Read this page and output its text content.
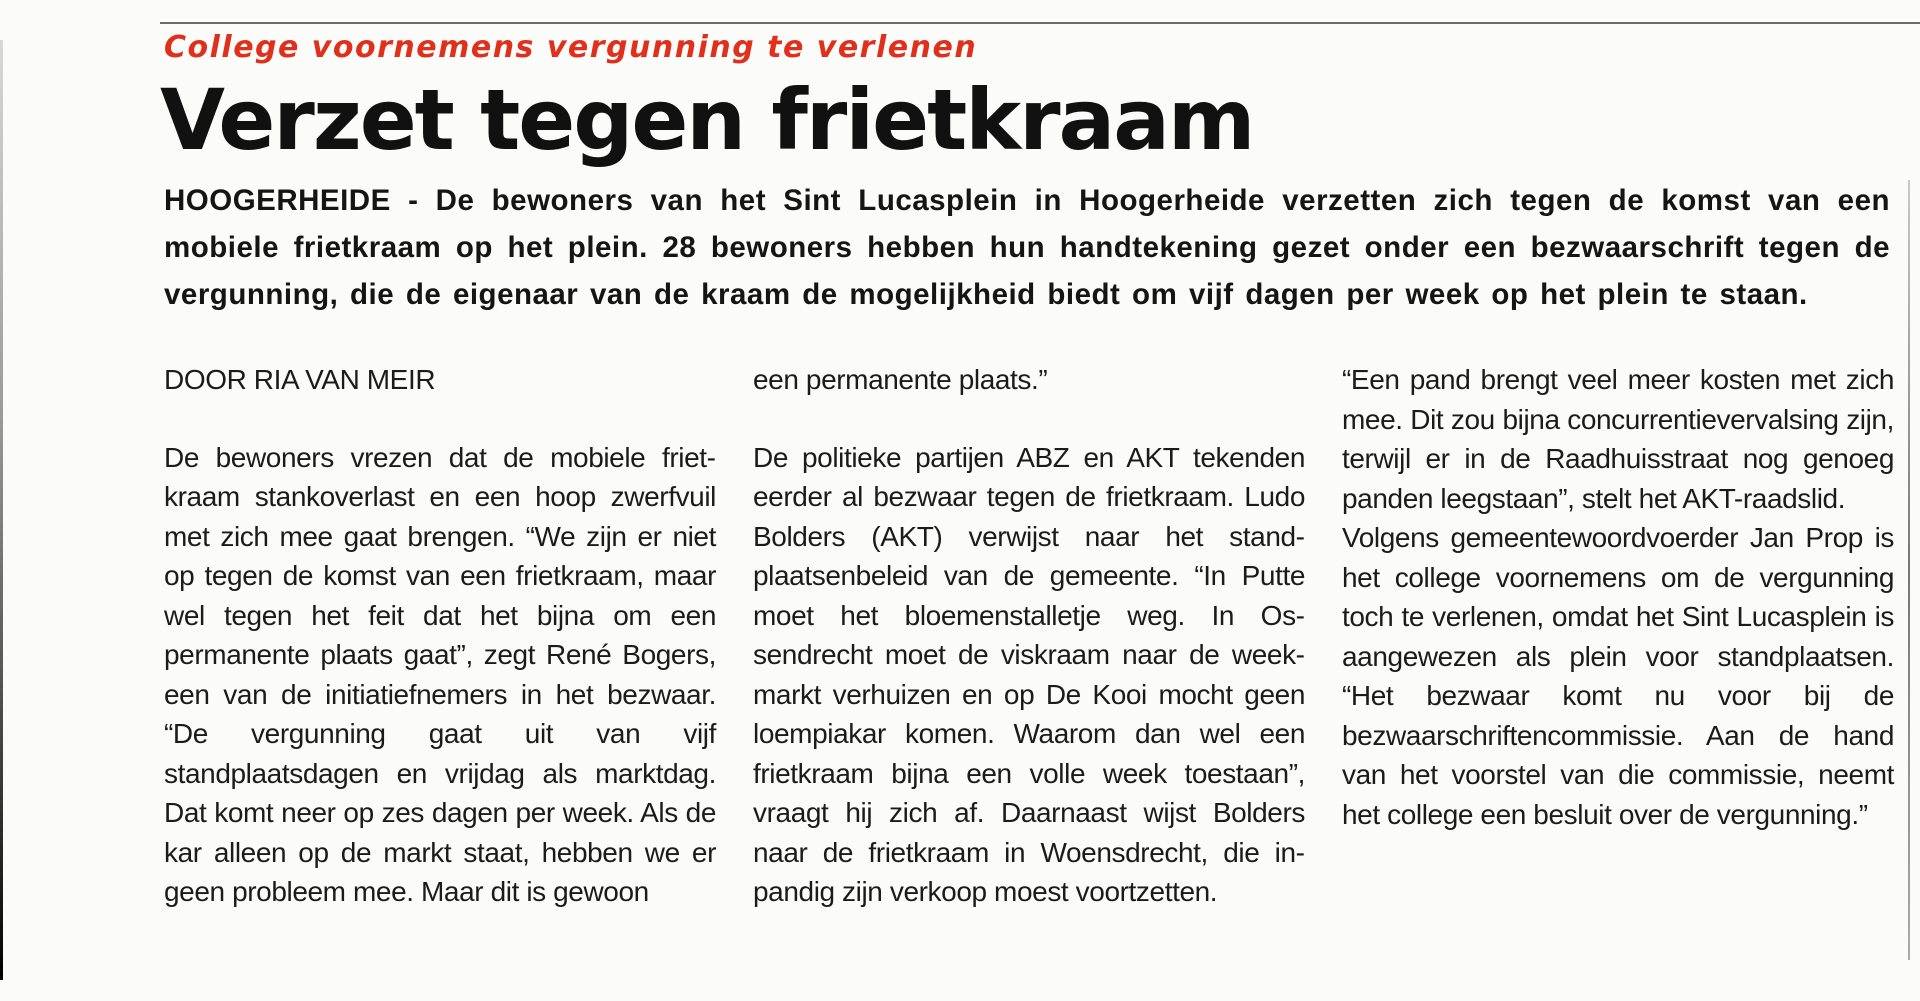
College voornemens vergunning te verlenen
Verzet tegen frietkraam

HOOGERHEIDE - De bewoners van het Sint Lucasplein in Hoogerheide verzetten zich tegen de komst van een mobiele frietkraam op het plein. 28 bewoners hebben hun handtekening gezet onder een bezwaarschrift tegen de vergunning, die de eigenaar van de kraam de mogelijkheid biedt om vijf dagen per week op het plein te staan.

DOOR RIA VAN MEIR

De bewoners vrezen dat de mobiele frietkraam stankoverlast en een hoop zwerfvuil met zich mee gaat brengen. “We zijn er niet op tegen de komst van een frietkraam, maar wel tegen het feit dat het bijna om een permanente plaats gaat”, zegt René Bogers, een van de initiatiefnemers in het bezwaar. “De vergunning gaat uit van vijf standplaatsdagen en vrijdag als marktdag. Dat komt neer op zes dagen per week. Als de kar alleen op de markt staat, hebben we er geen probleem mee. Maar dit is gewoon

een permanente plaats.”

De politieke partijen ABZ en AKT tekenden eerder al bezwaar tegen de frietkraam. Ludo Bolders (AKT) verwijst naar het standplaatsenbeleid van de gemeente. “In Putte moet het bloemenstalletje weg. In Ossendrecht moet de viskraam naar de weekmarkt verhuizen en op De Kooi mocht geen loempiakar komen. Waarom dan wel een frietkraam bijna een volle week toestaan”, vraagt hij zich af. Daarnaast wijst Bolders naar de frietkraam in Woensdrecht, die inpandig zijn verkoop moest voortzetten.

“Een pand brengt veel meer kosten met zich mee. Dit zou bijna concurrentievervalsing zijn, terwijl er in de Raadhuisstraat nog genoeg panden leegstaan”, stelt het AKT-raadslid.

Volgens gemeentewoordvoerder Jan Prop is het college voornemens om de vergunning toch te verlenen, omdat het Sint Lucasplein is aangewezen als plein voor standplaatsen. “Het bezwaar komt nu voor bij de bezwaarschriftencommissie. Aan de hand van het voorstel van die commissie, neemt het college een besluit over de vergunning.”
